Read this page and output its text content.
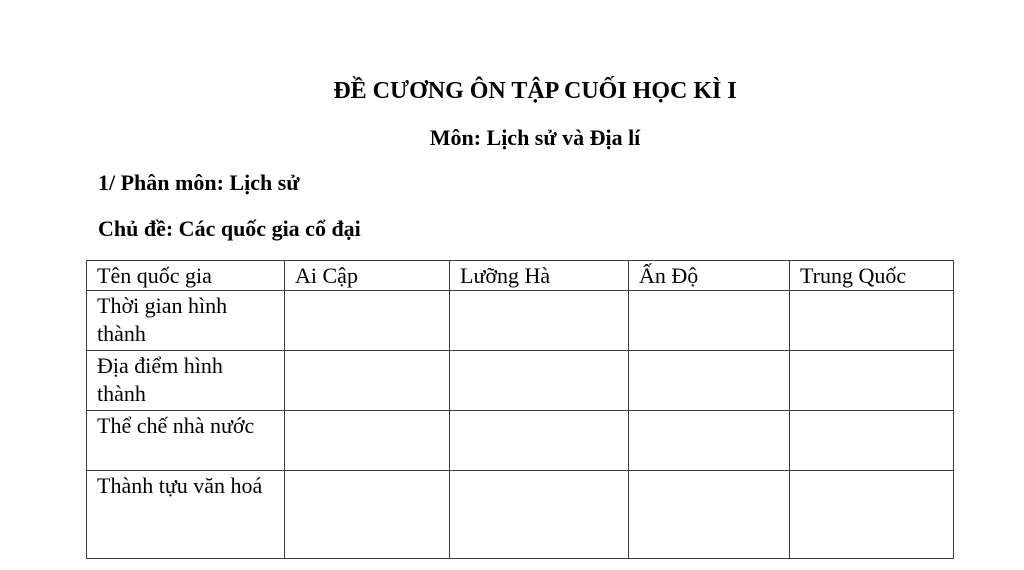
ĐỀ CƯƠNG ÔN TẬP CUỐI HỌC KÌ I
Môn: Lịch sử và Địa lí
1/ Phân môn: Lịch sử
Chủ đề: Các quốc gia cổ đại
Tên quốc gia	Ai Cập	Lưỡng Hà	Ấn Độ	Trung Quốc
Thời gian hình thành				
Địa điểm hình thành				
Thể chế nhà nước				
Thành tựu văn hoá				
